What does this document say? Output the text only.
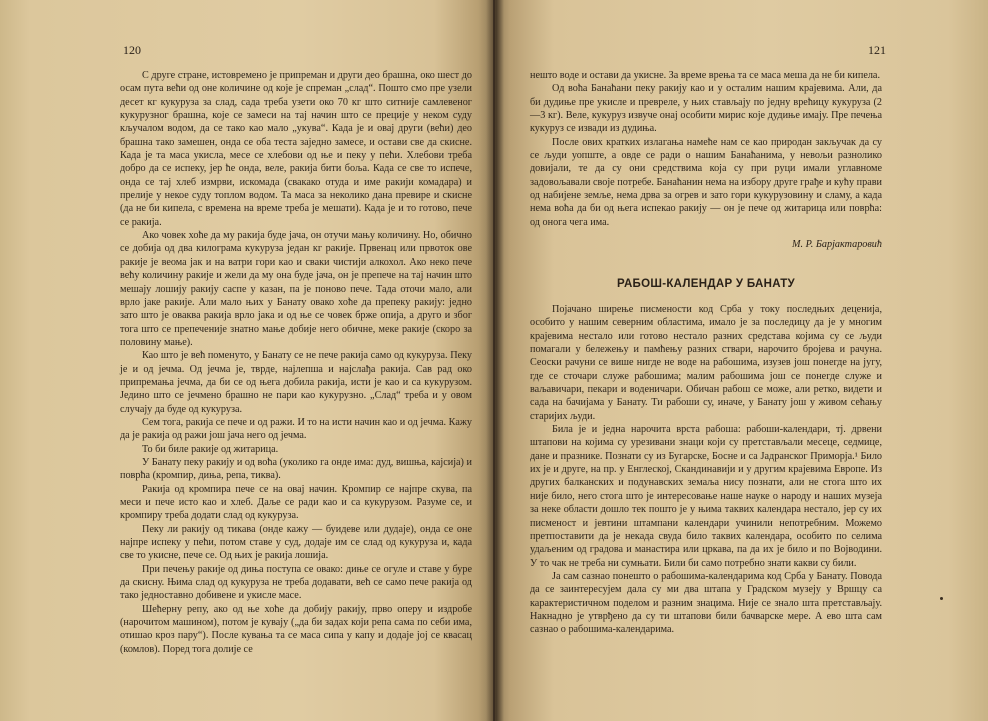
120

С друге стране, истовремено је припреман и други део брашна, око шест до осам пута већи од оне количине од које је спреман „слад“. Пошто смо пре узели десет кг кукуруза за слад, сада треба узети око 70 кг што ситније самлевеног кукурузног брашна, које се замеси на тај начин што се преције у неком суду кључалом водом, да се тако као мало „укува“. Када је и овај други (већи) део брашна тако замешен, онда се оба теста заједно замесе, и остави све да скисне. Када је та маса укисла, месе се хлебови од ње и пеку у пећи. Хлебови треба добро да се испеку, јер ће онда, веле, ракија бити боља. Када се све то испече, онда се тај хлеб измрви, искомада (свакако отуда и име ракији комадара) и прелије у некое суду топлом водом. Та маса за неколико дана превире и скисне (да не би кипела, с времена на време треба је мешати). Када је и то готово, пече се ракија.

Ако човек хоће да му ракија буде јача, он отучи мању количину. Но, обично се добија од два килограма кукуруза један кг ракије. Првенац или првоток ове ракије је веома јак и на ватри гори као и сваки чистији алкохол. Ако неко пече већу количину ракије и жели да му она буде јача, он је препече на тај начин што мешају лошију ракију саспе у казан, па је поново пече. Тада оточи мало, али врло јаке ракије. Али мало њих у Банату овако хоће да препеку ракију: једно зато што је оваква ракија врло јака и од ње се човек брже опија, а друго и због тога што се препеченије знатно мање добије него обичне, меке ракије (скоро за половину мање).

Као што је већ поменуто, у Банату се не пече ракија само од кукуруза. Пеку је и од јечма. Од јечма је, тврде, најлепша и најслађа ракија. Сав рад око припремања јечма, да би се од њега добила ракија, исти је као и са кукурузом. Једино што се јечмено брашно не пари као кукурузно. „Слад“ треба и у овом случају да буде од кукуруза.

Сем тога, ракија се пече и од ражи. И то на исти начин као и од јечма. Кажу да је ракија од ражи још јача него од јечма.

То би биле ракије од житарица.

У Банату пеку ракију и од воћа (уколико га онде има: дуд, вишња, кајсија) и поврћа (кромпир, диња, репа, тиква).

Ракија од кромпира пече се на овај начин. Кромпир се најпре скува, па меси и пече исто као и хлеб. Даље се ради као и са кукурузом. Разуме се, и кромпиру треба додати слад од кукуруза.

Пеку ли ракију од тикава (онде кажу — буидеве или дудаје), онда се оне најпре испеку у пећи, потом ставе у суд, додаје им се слад од кукуруза и, када све то укисне, пече се. Од њих је ракија лошија.

При печењу ракије од диња поступа се овако: диње се огуле и ставе у буре да скисну. Њима слад од кукуруза не треба додавати, већ се само пече ракија од тако једноставно добивене и укисле масе.

Шећерну репу, ако од ње хоће да добију ракију, прво оперу и издробе (нарочитом машином), потом је кувају („да би задах који репа сама по себи има, отишао кроз пару“). После кувања та се маса сипа у капу и додаје јој се квасац (комлов). Поред тога долије се

121

нешто воде и остави да укисне. За време врења та се маса меша да не би кипела.

Од воћа Банаћани пеку ракију као и у осталим нашим крајевима. Али, да би дудиње пре укисле и превреле, у њих стављају по једну врећицу кукуруза (2—3 кг). Веле, кукуруз извуче онај особити мирис које дудиње имају. Пре печења кукуруз се извади из дудиња.

После ових кратких излагања намеће нам се као природан закључак да су се људи уопште, а овде се ради о нашим Банаћанима, у невољи разнолико довијали, те да су они средствима која су при руци имали углавноме задовољавали своје потребе. Банаћанин нема на избору друге грађе и кућу прави од набијене земље, нема дрва за огрев и зато гори кукурузовину и сламу, а када нема воћа да би од њега испекао ракију — он је пече од житарица или поврћа: од онога чега има.

М. Р. Барјактаровић
РАБОШ-КАЛЕНДАР У БАНАТУ

Појачано ширење писмености код Срба у току последњих деценија, особито у нашим северним областима, имало је за последицу да је у многим крајевима нестало или готово нестало разних средстава којима су се људи помагали у бележењу и памћењу разних ствари, нарочито бројева и рачуна. Сеоски рачуни се више нигде не воде на рабошима, изузев још понегде на југу, где се сточари служе рабошима; малим рабошима још се понегде служе и ваљавичари, пекари и воденичари. Обичан рабош се може, али ретко, видети и сада на бачијама у Банату. Ти рабоши су, иначе, у Банату још у живом сећању старијих људи.

Била је и једна нарочита врста рабоша: рабоши-календари, тј. дрвени штапови на којима су урезивани знаци који су претстављали месеце, седмице, дане и празнике. Познати су из Бугарске, Босне и са Јадранског Приморја.¹ Било их је и друге, на пр. у Енглеској, Скандинавији и у другим крајевима Европе. Из других балканских и подунавских земаља нису познати, али не стога што их није било, него стога што је интересовање наше науке о народу и наших музеја за неке области дошло тек пошто је у њима таквих календара нестало, јер су их писменост и јевтини штампани календари учинили непотребним. Можемо претпоставити да је некада свуда било таквих календара, особито по селима удаљеним од градова и манастира или цркава, па да их је било и по Војводини. У то чак не треба ни сумњати. Били би само потребно знати какви су били.

Ја сам сазнао понешто о рабошима-календарима код Срба у Банату. Повода да се заинтересујем дала су ми два штапа у Градском музеју у Вршцу са карактеристичном поделом и разним знацима. Није се знало шта претстављају. Накнадно је утврђено да су ти штапови били бачварске мере. А ево шта сам сазнао о рабошима-календарима.
